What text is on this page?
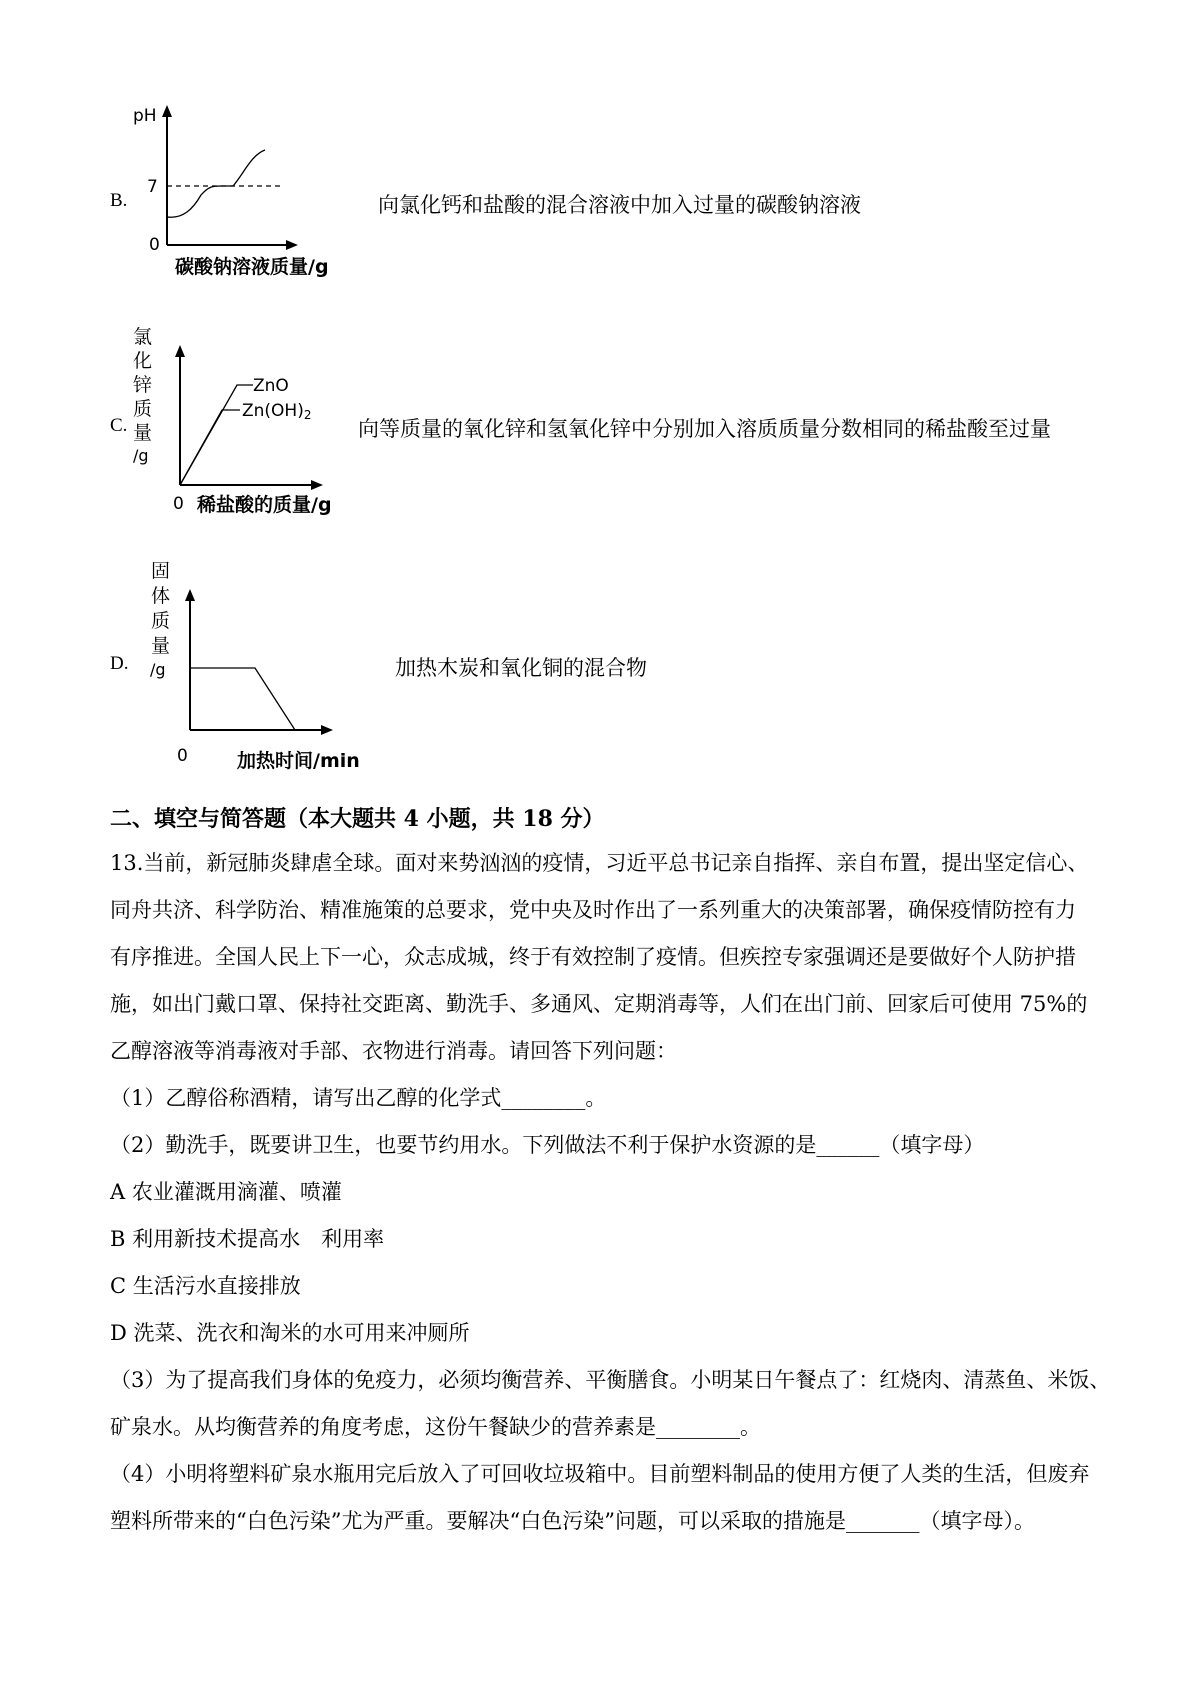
B.
pH
7
0
碳酸钠溶液质量/g
向氯化钙和盐酸的混合溶液中加入过量的碳酸钠溶液
C.
ZnO
Zn(OH)2
氯
化
锌
质
量
/g
0 稀盐酸的质量/g
向等质量的氧化锌和氢氧化锌中分别加入溶质质量分数相同的稀盐酸至过量
D.
固
体
质
量
/g
0	加热时间/min
加热木炭和氧化铜的混合物
二、填空与简答题（本大题共 4 小题，共 18 分）
13.当前，新冠肺炎肆虐全球。面对来势汹汹的疫情，习近平总书记亲自指挥、亲自布置，提出坚定信心、
同舟共济、科学防治、精准施策的总要求，党中央及时作出了一系列重大的决策部署，确保疫情防控有力
有序推进。全国人民上下一心，众志成城，终于有效控制了疫情。但疾控专家强调还是要做好个人防护措
施，如出门戴口罩、保持社交距离、勤洗手、多通风、定期消毒等，人们在出门前、回家后可使用 75%的
乙醇溶液等消毒液对手部、衣物进行消毒。请回答下列问题：
（1）乙醇俗称酒精，请写出乙醇的化学式________。
（2）勤洗手，既要讲卫生，也要节约用水。下列做法不利于保护水资源的是______（填字母）
A 农业灌溉用滴灌、喷灌
B 利用新技术提高水　利用率
C 生活污水直接排放
D 洗菜、洗衣和淘米的水可用来冲厕所
（3）为了提高我们身体的免疫力，必须均衡营养、平衡膳食。小明某日午餐点了：红烧肉、清蒸鱼、米饭、
矿泉水。从均衡营养的角度考虑，这份午餐缺少的营养素是________。
（4）小明将塑料矿泉水瓶用完后放入了可回收垃圾箱中。目前塑料制品的使用方便了人类的生活，但废弃
塑料所带来的“白色污染”尤为严重。要解决“白色污染”问题，可以采取的措施是_______（填字母）。
